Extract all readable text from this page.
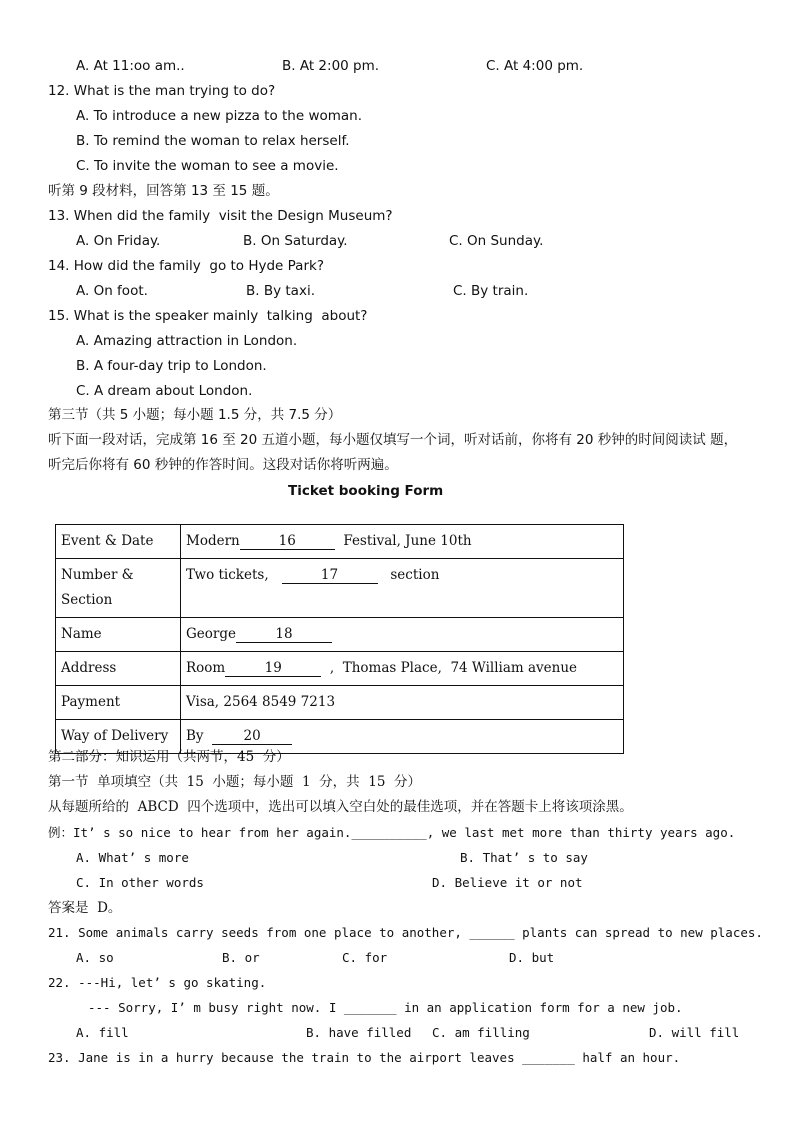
A. At 11:oo am..	B. At 2:00 pm.	C. At 4:00 pm.
12. What is the man trying to do?
A. To introduce a new pizza to the woman.
B. To remind the woman to relax herself.
C. To invite the woman to see a movie.
听第 9 段材料，回答第 13 至 15 题。
13. When did the family  visit the Design Museum?
A. On Friday.	B. On Saturday.	C. On Sunday.
14. How did the family  go to Hyde Park?
A. On foot.	B. By taxi.	C. By train.
15. What is the speaker mainly  talking  about?
A. Amazing attraction in London.
B. A four-day trip to London.
C. A dream about London.
第三节（共 5 小题；每小题 1.5 分，共 7.5 分）
听下面一段对话，完成第 16 至 20 五道小题，每小题仅填写一个词，听对话前，你将有 20 秒钟的时间阅读试 题，
听完后你将有 60 秒钟的作答时间。这段对话你将听两遍。
Ticket booking Form
Event & Date	Modern 16 Festival, June 10th
Number &
Section	Two tickets, 17 section
Name	George 18
Address	Room 19 ,  Thomas Place,  74 William avenue
Payment	Visa, 2564 8549 7213
Way of Delivery	By  20
第二部分：知识运用（共两节，45  分）
第一节  单项填空（共  15  小题；每小题  1  分，共  15  分）
从每题所给的  ABCD  四个选项中，选出可以填入空白处的最佳选项，并在答题卡上将该项涂黑。
例：It’ s so nice to hear from her again.__________, we last met more than thirty years ago.
A. What’ s more	B. That’ s to say
C. In other words	D. Believe it or not
答案是  D。
21. Some animals carry seeds from one place to another, ______ plants can spread to new places.
A. so	B. or	C. for	D. but
22. ---Hi, let’ s go skating.
--- Sorry, I’ m busy right now. I _______ in an application form for a new job.
A. fill	B. have filled C. am filling	D. will fill
23. Jane is in a hurry because the train to the airport leaves _______ half an hour.
